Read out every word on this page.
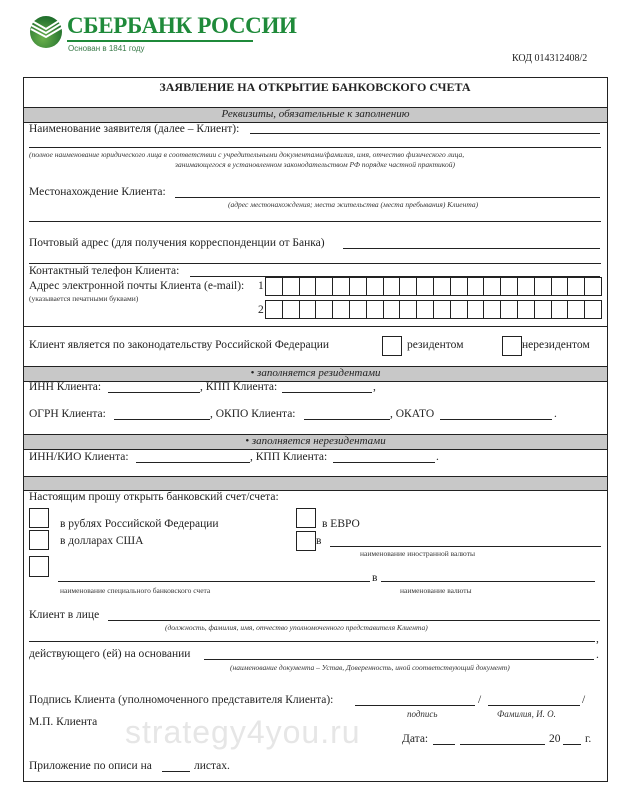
СБЕРБАНК РОССИИ
Основан в 1841 году
КОД 014312408/2
ЗАЯВЛЕНИЕ НА ОТКРЫТИЕ БАНКОВСКОГО СЧЕТА
Реквизиты, обязательные к заполнению
Наименование заявителя (далее – Клиент):
(полное наименование юридического лица в соответствии с учредительными документами/фамилия, имя, отчество физического лица,
занимающегося в установленном законодательством РФ порядке частной практикой)
Местонахождение Клиента:
(адрес местонахождения; места жительства (места пребывания) Клиента)
Почтовый адрес (для получения корреспонденции от Банка)
Контактный телефон Клиента:
Адрес электронной почты Клиента (e-mail): 1
2
(указывается печатными буквами)
Клиент является по законодательству Российской Федерации	резидентом	нерезидентом
• заполняется резидентами
ИНН Клиента:	, КПП Клиента:	,
ОГРН Клиента:	, ОКПО Клиента:	, ОКАТО	.
• заполняется нерезидентами
ИНН/КИО Клиента:	, КПП Клиента:	.
Настоящим прошу открыть банковский счет/счета:
в рублях Российской Федерации
в долларах США
в ЕВРО
в
наименование иностранной валюты
в
наименование специального банковского счета	наименование валюты
Клиент в лице
(должность, фамилия, имя, отчество уполномоченного представителя Клиента)
,
действующего (ей) на основании	.
(наименование документа – Устав, Доверенность, иной соответствующий документ)
Подпись Клиента (уполномоченного представителя Клиента):	/	/
подпись	Фамилия, И. О.
М.П. Клиента strategy4you.ru	Дата:	20 г.
Приложение по описи на	листах.
